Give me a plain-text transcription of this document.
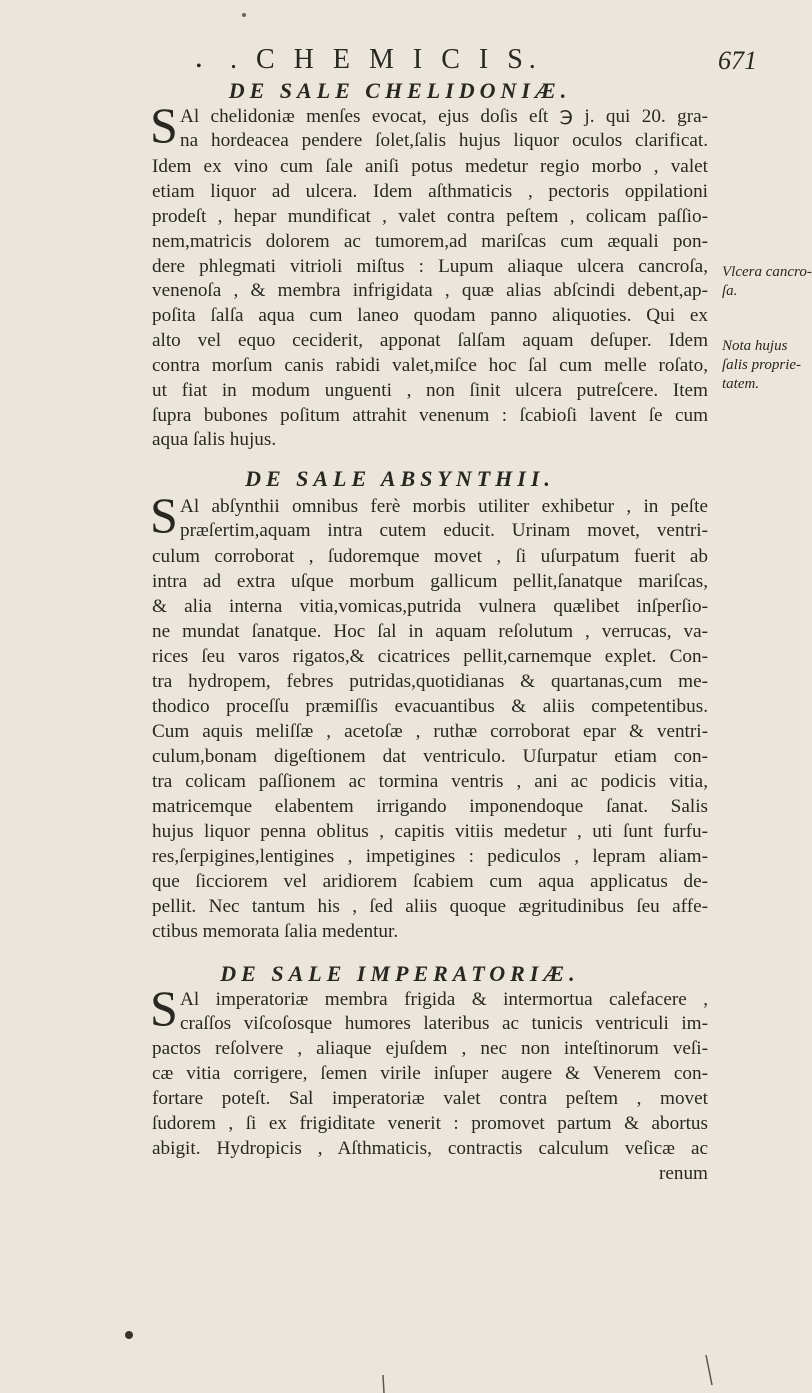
• . C H E M I C I S.	671
DE SALE CHELIDONIÆ.
S Al chelidoniæ menſes evocat, ejus doſis eſt ℈ j. qui 20. gra-
na hordeacea pendere ſolet,ſalis hujus liquor oculos clarificat.
Idem ex vino cum ſale aniſi potus medetur regio morbo , valet
etiam liquor ad ulcera. Idem aſthmaticis , pectoris oppilationi
prodeſt , hepar mundificat , valet contra peſtem , colicam paſſio-
nem,matricis dolorem ac tumorem,ad mariſcas cum æquali pon-
dere phlegmati vitrioli miſtus : Lupum aliaque ulcera cancroſa,
venenoſa , & membra infrigidata , quæ alias abſcindi debent,ap-
poſita ſalſa aqua cum laneo quodam panno aliquoties. Qui ex
alto vel equo ceciderit, apponat ſalſam aquam deſuper. Idem
contra morſum canis rabidi valet,miſce hoc ſal cum melle roſato,
ut fiat in modum unguenti , non ſinit ulcera putreſcere. Item
ſupra bubones poſitum attrahit venenum : ſcabioſi lavent ſe cum
aqua ſalis hujus.
Vlcera cancro-
ſa.
Nota hujus
ſalis proprie-
tatem.
DE SALE ABSYNTHII.
S Al abſynthii omnibus ferè morbis utiliter exhibetur , in peſte
præſertim,aquam intra cutem educit. Urinam movet, ventri-
culum corroborat , ſudoremque movet , ſi uſurpatum fuerit ab
intra ad extra uſque morbum gallicum pellit,ſanatque mariſcas,
& alia interna vitia,vomicas,putrida vulnera quælibet inſperſio-
ne mundat ſanatque. Hoc ſal in aquam reſolutum , verrucas, va-
rices ſeu varos rigatos,& cicatrices pellit,carnemque explet. Con-
tra hydropem, febres putridas,quotidianas & quartanas,cum me-
thodico proceſſu præmiſſis evacuantibus & aliis competentibus.
Cum aquis meliſſæ , acetoſæ , ruthæ corroborat epar & ventri-
culum,bonam digeſtionem dat ventriculo. Uſurpatur etiam con-
tra colicam paſſionem ac tormina ventris , ani ac podicis vitia,
matricemque elabentem irrigando imponendoque ſanat. Salis
hujus liquor penna oblitus , capitis vitiis medetur , uti ſunt furfu-
res,ſerpigines,lentigines , impetigines : pediculos , lepram aliam-
que ſicciorem vel aridiorem ſcabiem cum aqua applicatus de-
pellit. Nec tantum his , ſed aliis quoque ægritudinibus ſeu affe-
ctibus memorata ſalia medentur.
DE SALE IMPERATORIÆ.
S Al imperatoriæ membra frigida & intermortua calefacere ,
craſſos viſcoſosque humores lateribus ac tunicis ventriculi im-
pactos reſolvere , aliaque ejuſdem , nec non inteſtinorum veſi-
cæ vitia corrigere, ſemen virile inſuper augere & Venerem con-
fortare poteſt. Sal imperatoriæ valet contra peſtem , movet
ſudorem , ſi ex frigiditate venerit : promovet partum & abortus
abigit. Hydropicis , Aſthmaticis, contractis calculum veſicæ ac
renum
